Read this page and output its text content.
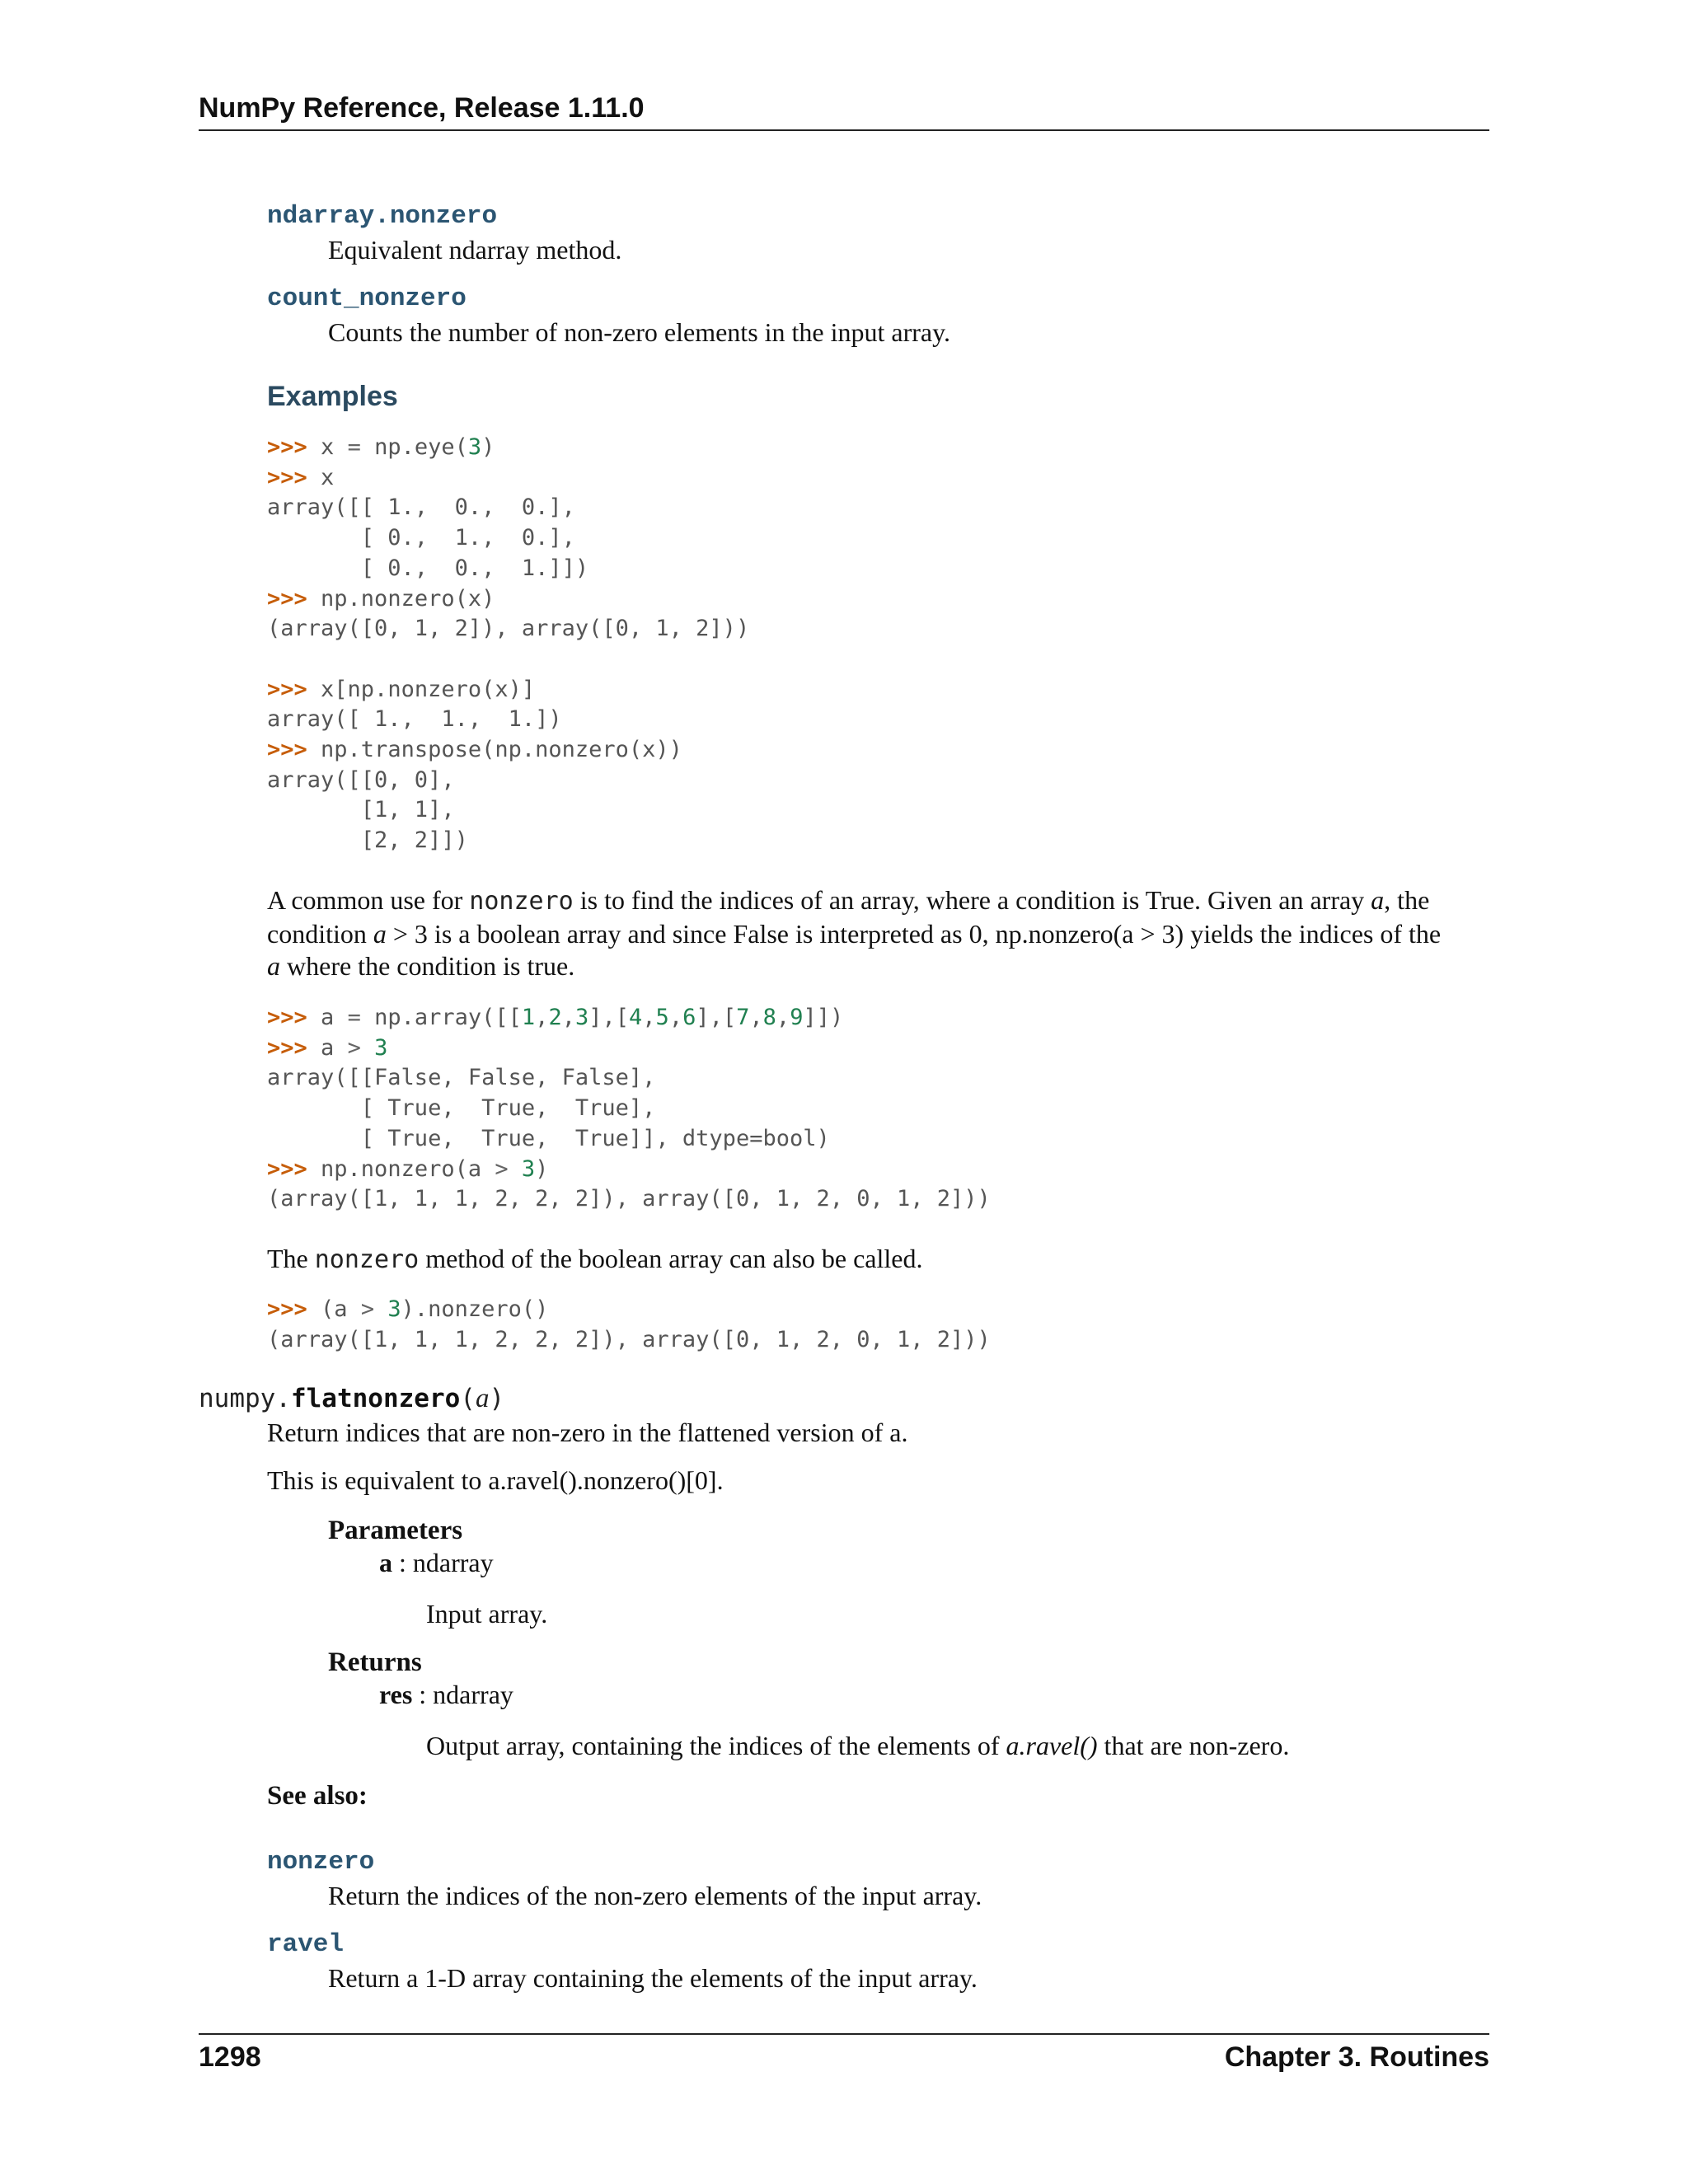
NumPy Reference, Release 1.11.0
ndarray.nonzero
Equivalent ndarray method.
count_nonzero
Counts the number of non-zero elements in the input array.
Examples
>>> x = np.eye(3)
>>> x
array([[ 1.,  0.,  0.],
[ 0.,  1.,  0.],
[ 0.,  0.,  1.]])
>>> np.nonzero(x)
(array([0, 1, 2]), array([0, 1, 2]))

>>> x[np.nonzero(x)]
array([ 1.,  1.,  1.])
>>> np.transpose(np.nonzero(x))
array([[0, 0],
[1, 1],
[2, 2]])
A common use for nonzero is to find the indices of an array, where a condition is True. Given an array a, the
condition a > 3 is a boolean array and since False is interpreted as 0, np.nonzero(a > 3) yields the indices of the
a where the condition is true.
>>> a = np.array([[1,2,3],[4,5,6],[7,8,9]])
>>> a > 3
array([[False, False, False],
[ True,  True,  True],
[ True,  True,  True]], dtype=bool)
>>> np.nonzero(a > 3)
(array([1, 1, 1, 2, 2, 2]), array([0, 1, 2, 0, 1, 2]))
The nonzero method of the boolean array can also be called.
>>> (a > 3).nonzero()
(array([1, 1, 1, 2, 2, 2]), array([0, 1, 2, 0, 1, 2]))
numpy.flatnonzero(a)
Return indices that are non-zero in the flattened version of a.
This is equivalent to a.ravel().nonzero()[0].
Parameters
a : ndarray
Input array.
Returns
res : ndarray
Output array, containing the indices of the elements of a.ravel() that are non-zero.
See also:
nonzero
Return the indices of the non-zero elements of the input array.
ravel
Return a 1-D array containing the elements of the input array.
1298	Chapter 3. Routines
